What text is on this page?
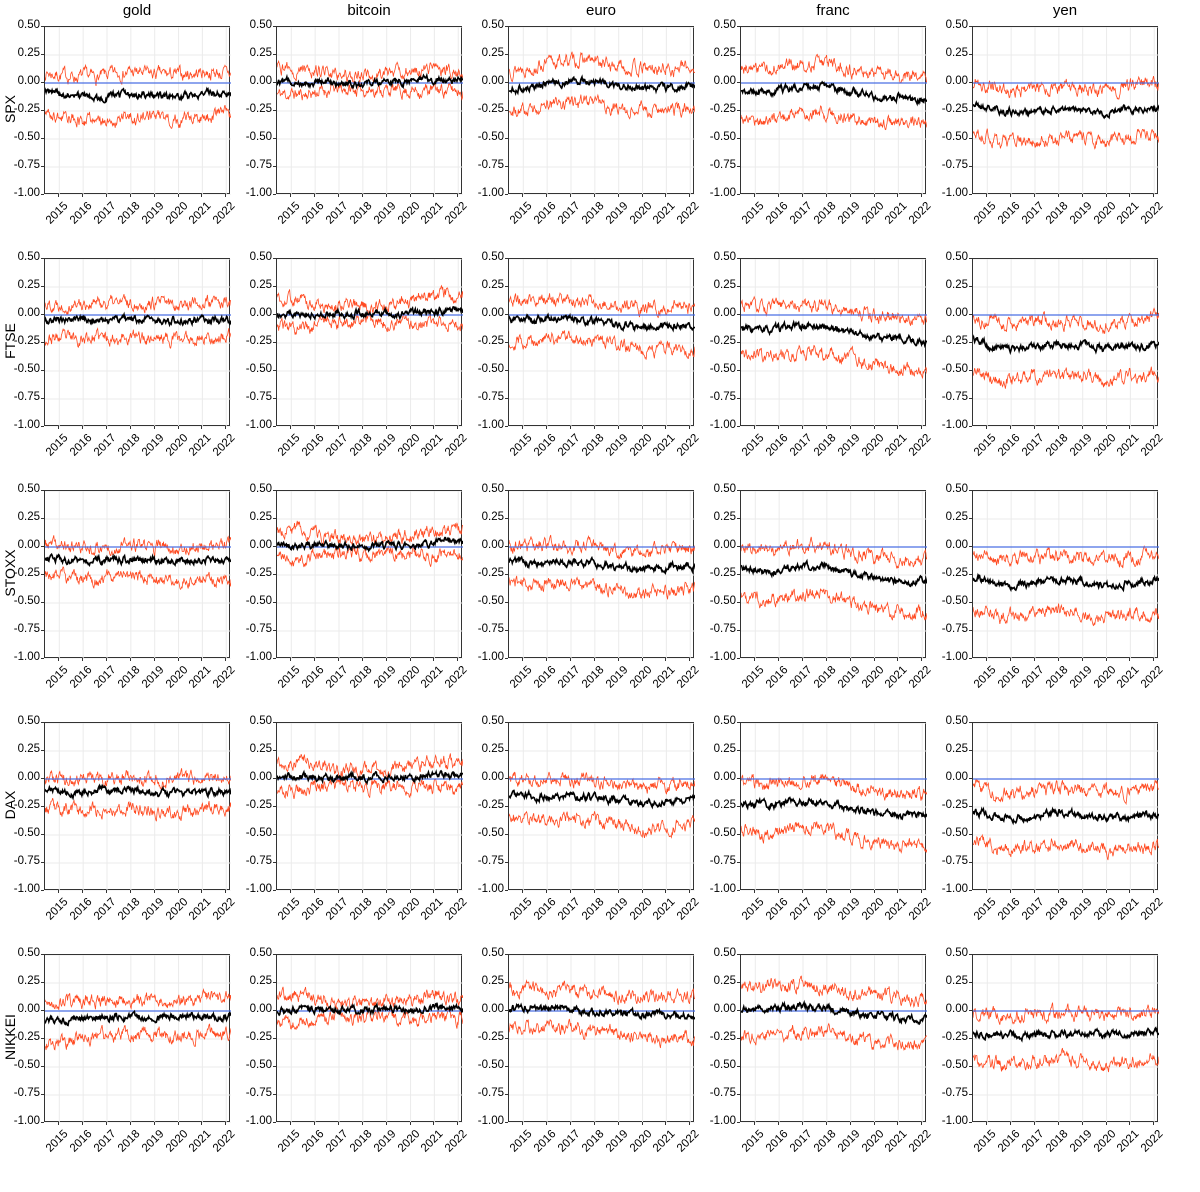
gold	bitcoin	euro	franc	yen
SPX
FTSE
STOXX
DAX
NIKKEI
0.50
0.25
0.00
-0.25
-0.50
-0.75
-1.00
2015
2016
2017
2018
2019
2020
2021
2022
0.50
0.25
0.00
-0.25
-0.50
-0.75
-1.00
2015
2016
2017
2018
2019
2020
2021
2022
0.50
0.25
0.00
-0.25
-0.50
-0.75
-1.00
2015
2016
2017
2018
2019
2020
2021
2022
0.50
0.25
0.00
-0.25
-0.50
-0.75
-1.00
2015
2016
2017
2018
2019
2020
2021
2022
0.50
0.25
0.00
-0.25
-0.50
-0.75
-1.00
2015
2016
2017
2018
2019
2020
2021
2022
0.50
0.25
0.00
-0.25
-0.50
-0.75
-1.00
2015
2016
2017
2018
2019
2020
2021
2022
0.50
0.25
0.00
-0.25
-0.50
-0.75
-1.00
2015
2016
2017
2018
2019
2020
2021
2022
0.50
0.25
0.00
-0.25
-0.50
-0.75
-1.00
2015
2016
2017
2018
2019
2020
2021
2022
0.50
0.25
0.00
-0.25
-0.50
-0.75
-1.00
2015
2016
2017
2018
2019
2020
2021
2022
0.50
0.25
0.00
-0.25
-0.50
-0.75
-1.00
2015
2016
2017
2018
2019
2020
2021
2022
0.50
0.25
0.00
-0.25
-0.50
-0.75
-1.00
2015
2016
2017
2018
2019
2020
2021
2022
0.50
0.25
0.00
-0.25
-0.50
-0.75
-1.00
2015
2016
2017
2018
2019
2020
2021
2022
0.50
0.25
0.00
-0.25
-0.50
-0.75
-1.00
2015
2016
2017
2018
2019
2020
2021
2022
0.50
0.25
0.00
-0.25
-0.50
-0.75
-1.00
2015
2016
2017
2018
2019
2020
2021
2022
0.50
0.25
0.00
-0.25
-0.50
-0.75
-1.00
2015
2016
2017
2018
2019
2020
2021
2022
0.50
0.25
0.00
-0.25
-0.50
-0.75
-1.00
2015
2016
2017
2018
2019
2020
2021
2022
0.50
0.25
0.00
-0.25
-0.50
-0.75
-1.00
2015
2016
2017
2018
2019
2020
2021
2022
0.50
0.25
0.00
-0.25
-0.50
-0.75
-1.00
2015
2016
2017
2018
2019
2020
2021
2022
0.50
0.25
0.00
-0.25
-0.50
-0.75
-1.00
2015
2016
2017
2018
2019
2020
2021
2022
0.50
0.25
0.00
-0.25
-0.50
-0.75
-1.00
2015
2016
2017
2018
2019
2020
2021
2022
0.50
0.25
0.00
-0.25
-0.50
-0.75
-1.00
2015
2016
2017
2018
2019
2020
2021
2022
0.50
0.25
0.00
-0.25
-0.50
-0.75
-1.00
2015
2016
2017
2018
2019
2020
2021
2022
0.50
0.25
0.00
-0.25
-0.50
-0.75
-1.00
2015
2016
2017
2018
2019
2020
2021
2022
0.50
0.25
0.00
-0.25
-0.50
-0.75
-1.00
2015
2016
2017
2018
2019
2020
2021
2022
0.50
0.25
0.00
-0.25
-0.50
-0.75
-1.00
2015
2016
2017
2018
2019
2020
2021
2022
